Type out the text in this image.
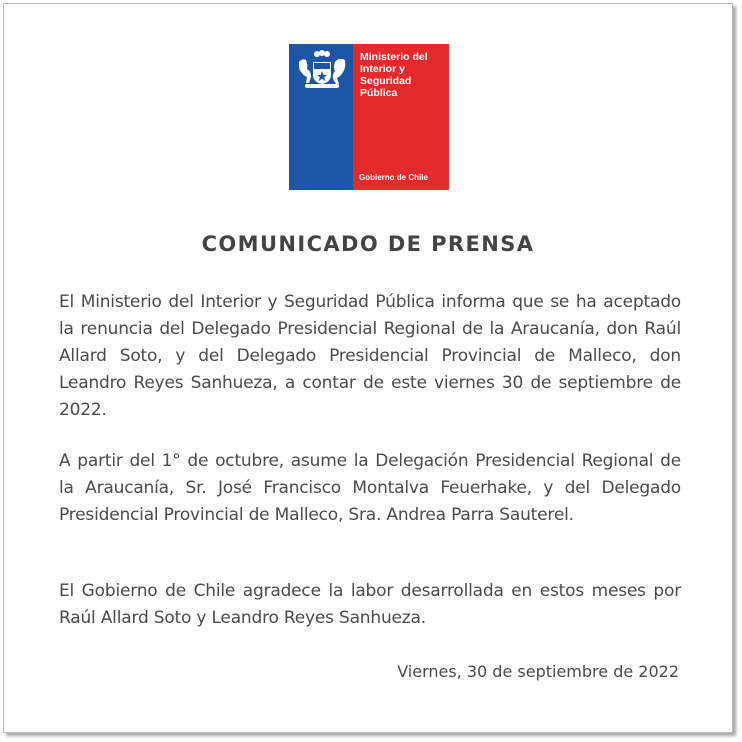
Ministerio del
Interior y
Seguridad
Pública
Gobierno de Chile
COMUNICADO DE PRENSA
El Ministerio del Interior y Seguridad Pública informa que se ha aceptado la renuncia del Delegado Presidencial Regional de la Araucanía, don Raúl Allard Soto, y del Delegado Presidencial Provincial de Malleco, don Leandro Reyes Sanhueza, a contar de este viernes 30 de septiembre de 2022.
A partir del 1° de octubre, asume la Delegación Presidencial Regional de la Araucanía, Sr. José Francisco Montalva Feuerhake, y del Delegado Presidencial Provincial de Malleco, Sra. Andrea Parra Sauterel.
El Gobierno de Chile agradece la labor desarrollada en estos meses por Raúl Allard Soto y Leandro Reyes Sanhueza.
Viernes, 30 de septiembre de 2022
